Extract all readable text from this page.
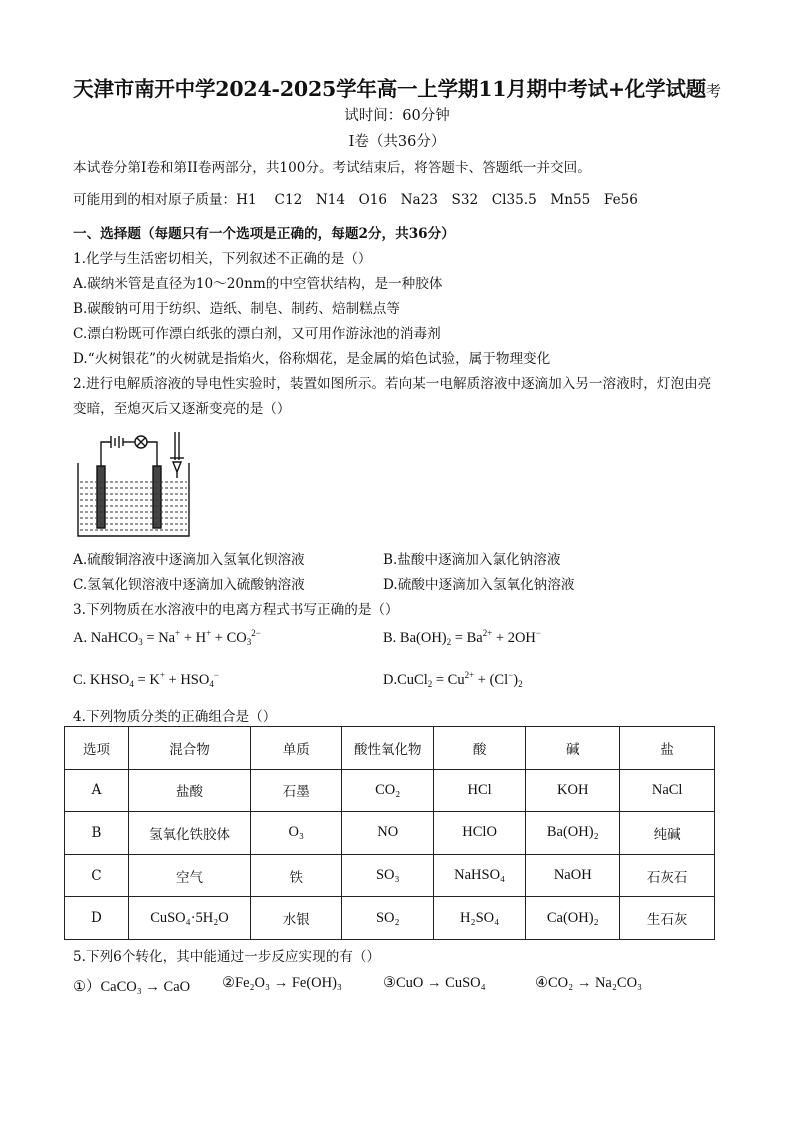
天津市南开中学2024-2025学年高一上学期11月期中考试+化学试题考
试时间：60分钟
I卷（共36分）
本试卷分第I卷和第II卷两部分，共100分。考试结束后，将答题卡、答题纸一并交回。
可能用到的相对原子质量：H1　 C12　N14　O16　Na23　S32　Cl35.5　Mn55　Fe56
一、选择题（每题只有一个选项是正确的，每题2分，共36分）
1.化学与生活密切相关，下列叙述不正确的是（）
A.碳纳米管是直径为10～20nm的中空管状结构，是一种胶体
B.碳酸钠可用于纺织、造纸、制皂、制药、焙制糕点等
C.漂白粉既可作漂白纸张的漂白剂，又可用作游泳池的消毒剂
D.“火树银花”的火树就是指焰火，俗称烟花，是金属的焰色试验，属于物理变化
2.进行电解质溶液的导电性实验时，装置如图所示。若向某一电解质溶液中逐滴加入另一溶液时，灯泡由亮
变暗，至熄灭后又逐渐变亮的是（）
A.硫酸铜溶液中逐滴加入氢氧化钡溶液	B.盐酸中逐滴加入氯化钠溶液
C.氢氧化钡溶液中逐滴加入硫酸钠溶液	D.硫酸中逐滴加入氢氧化钠溶液
3.下列物质在水溶液中的电离方程式书写正确的是（）
A. NaHCO$_3$ = $Na^+ + H^+ + CO_3^{2-}$	B. $Ba(OH)_2 = Ba^{2+} + 2OH^-$
C. $KHSO_4 = K^+ + HSO_4^-$	D.CuCl$_2$ = $Cu^{2+} + (Cl^-)_2$
4.下列物质分类的正确组合是（）
选项	混合物	单质	酸性氧化物	酸	碱	盐
A	盐酸	石墨	CO₂	HCl	KOH	NaCl
B	氢氧化铁胶体	O₃	NO	HClO	Ba(OH)₂	纯碱
C	空气	铁	SO₃	NaHSO₄	NaOH	石灰石
D	CuSO₄·5H₂O	水银	SO₂	H₂SO₄	Ca(OH)₂	生石灰
5.下列6个转化，其中能通过一步反应实现的有（）
①）CaCO₃ → CaO ②Fe₂O₃ → Fe(OH)₃	③CuO → CuSO₄	④CO₂ → Na₂CO₃
